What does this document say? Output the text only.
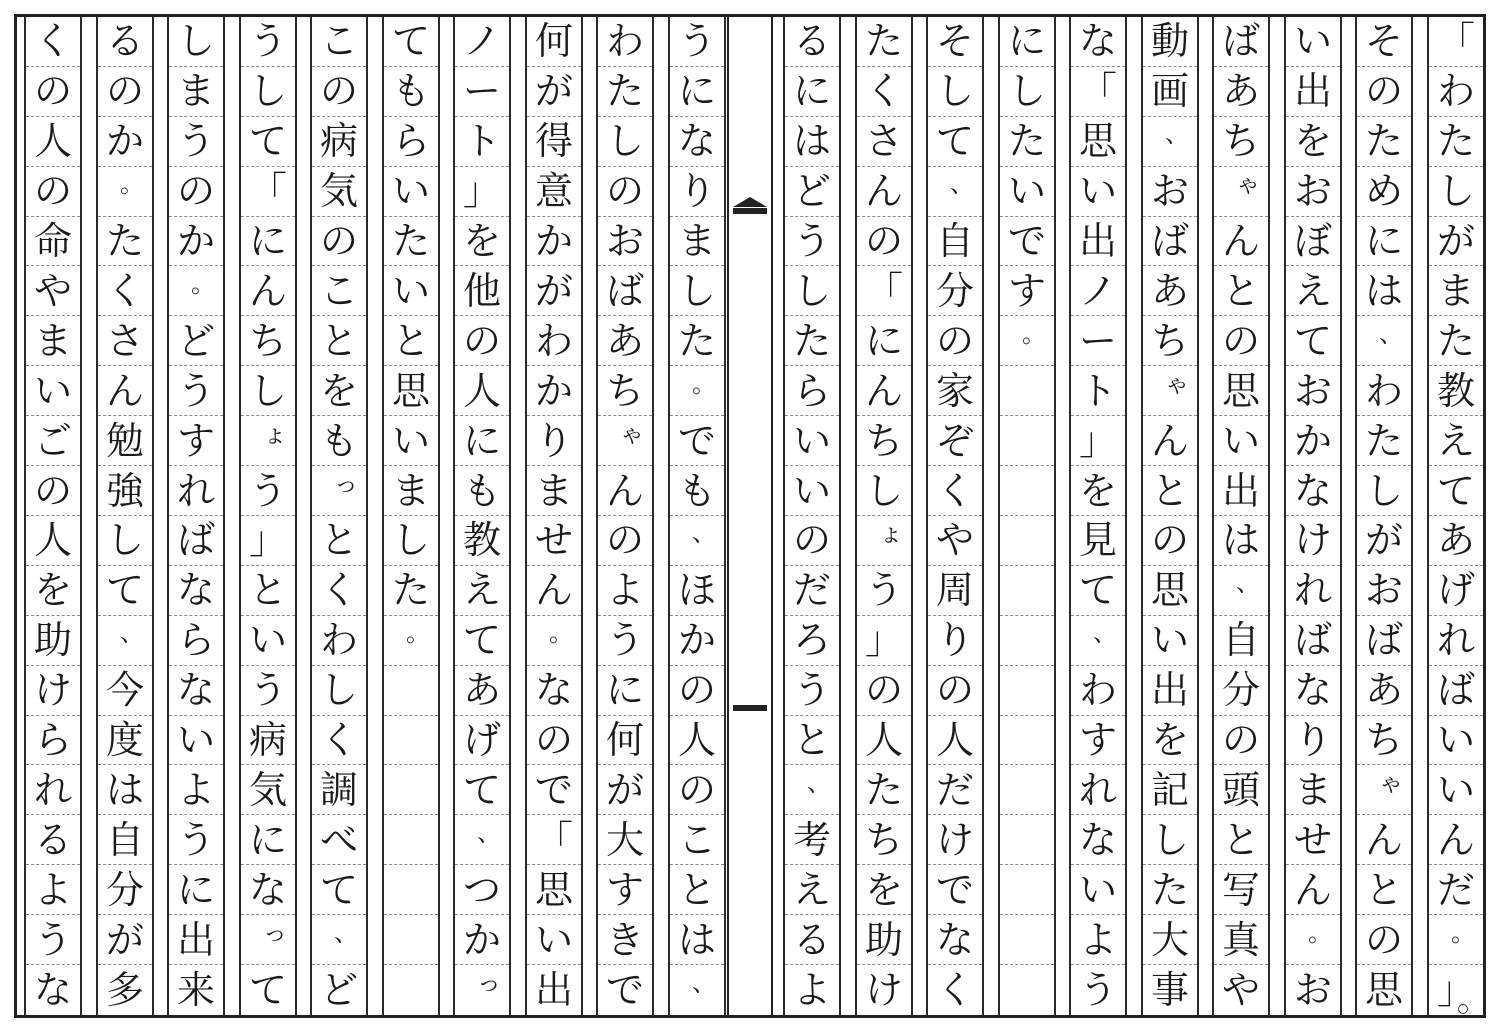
「
わ
た
し
が
ま
た
教
え
て
あ
げ
れ
ば
い
い
ん
だ
。
」
そ
の
た
め
に
は
、
わ
た
し
が
お
ば
あ
ち
ゃ
ん
と
の
思
い
出
を
お
ぼ
え
て
お
か
な
け
れ
ば
な
り
ま
せ
ん
。
お
ば
あ
ち
ゃ
ん
と
の
思
い
出
は
、
自
分
の
頭
と
写
真
や
動
画
、
お
ば
あ
ち
ゃ
ん
と
の
思
い
出
を
記
し
た
大
事
な
「
思
い
出
ノ
ー
ト
」
を
見
て
、
わ
す
れ
な
い
よ
う
に
し
た
い
で
す
。
そ
し
て
、
自
分
の
家
ぞ
く
や
周
り
の
人
だ
け
で
な
く
た
く
さ
ん
の
「
に
ん
ち
し
ょ
う
」
の
人
た
ち
を
助
け
る
に
は
ど
う
し
た
ら
い
い
の
だ
ろ
う
と
、
考
え
る
よ
う
に
な
り
ま
し
た
。
で
も
、
ほ
か
の
人
の
こ
と
は
、
わ
た
し
の
お
ば
あ
ち
ゃ
ん
の
よ
う
に
何
が
大
す
き
で
何
が
得
意
か
が
わ
か
り
ま
せ
ん
。
な
の
で
「
思
い
出
ノ
ー
ト
」
を
他
の
人
に
も
教
え
て
あ
げ
て
、
つ
か
っ
て
も
ら
い
た
い
と
思
い
ま
し
た
。
こ
の
病
気
の
こ
と
を
も
っ
と
く
わ
し
く
調
べ
て
、
ど
う
し
て
「
に
ん
ち
し
ょ
う
」
と
い
う
病
気
に
な
っ
て
し
ま
う
の
か
。
ど
う
す
れ
ば
な
ら
な
い
よ
う
に
出
来
る
の
か
。
た
く
さ
ん
勉
強
し
て
、
今
度
は
自
分
が
多
く
の
人
の
命
や
ま
い
ご
の
人
を
助
け
ら
れ
る
よ
う
な
